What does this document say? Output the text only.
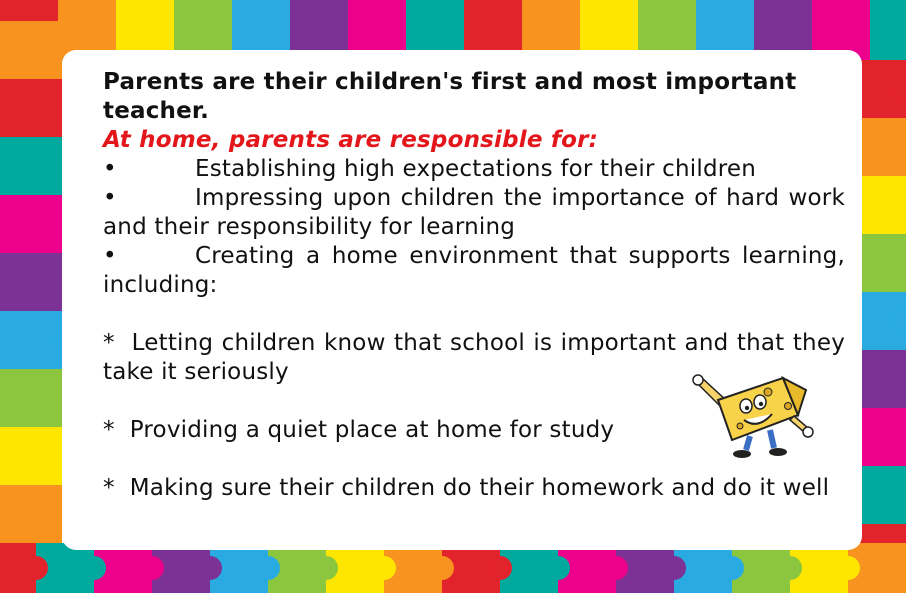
Parents are their children's first and most important teacher.
At home, parents are responsible for:
•	Establishing high expectations for their children
•	Impressing upon children the importance of hard work and their responsibility for learning
•	Creating a home environment that supports learning, including:
* Letting children know that school is important and that they take it seriously
* Providing a quiet place at home for study
* Making sure their children do their homework and do it well
